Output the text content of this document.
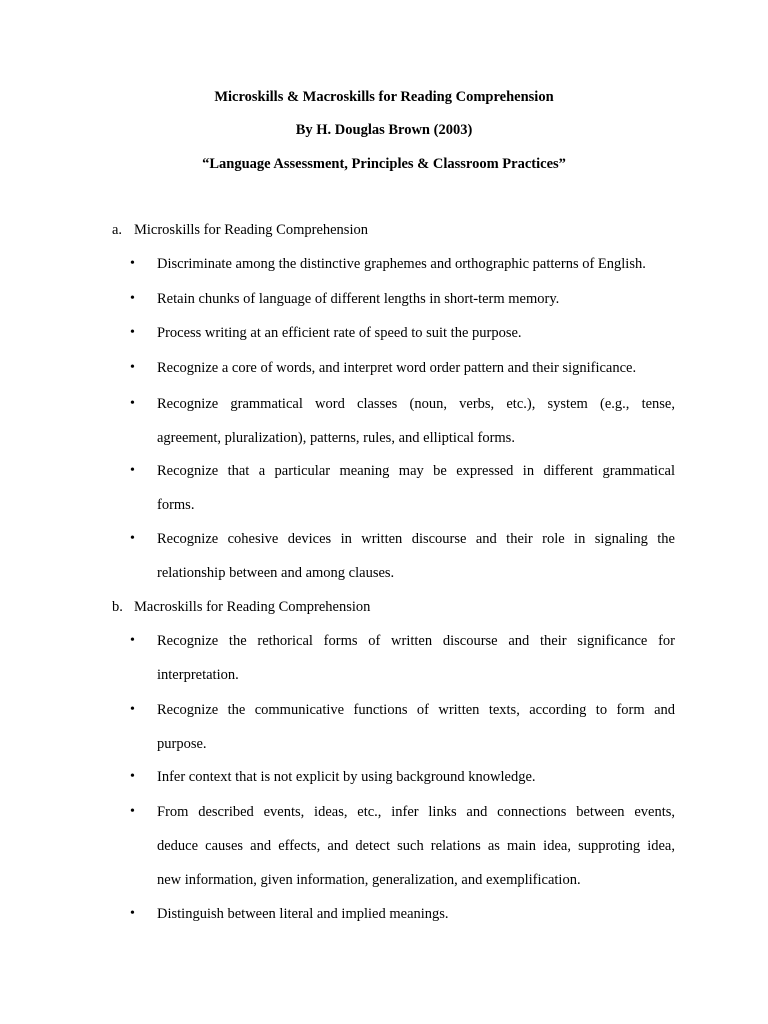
Microskills & Macroskills for Reading Comprehension
By H. Douglas Brown (2003)
“Language Assessment, Principles & Classroom Practices”
a. Microskills for Reading Comprehension
•	Discriminate among the distinctive graphemes and orthographic patterns of English.
•	Retain chunks of language of different lengths in short-term memory.
•	Process writing at an efficient rate of speed to suit the purpose.
•	Recognize a core of words, and interpret word order pattern and their significance.
•	Recognize grammatical word classes (noun, verbs, etc.), system (e.g., tense,
agreement, pluralization), patterns, rules, and elliptical forms.
•	Recognize that a particular meaning may be expressed in different grammatical
forms.
•	Recognize cohesive devices in written discourse and their role in signaling the
relationship between and among clauses.
b. Macroskills for Reading Comprehension
•	Recognize the rethorical forms of written discourse and their significance for
interpretation.
•	Recognize the communicative functions of written texts, according to form and
purpose.
•	Infer context that is not explicit by using background knowledge.
•	From described events, ideas, etc., infer links and connections between events,
deduce causes and effects, and detect such relations as main idea, supproting idea,
new information, given information, generalization, and exemplification.
•	Distinguish between literal and implied meanings.
